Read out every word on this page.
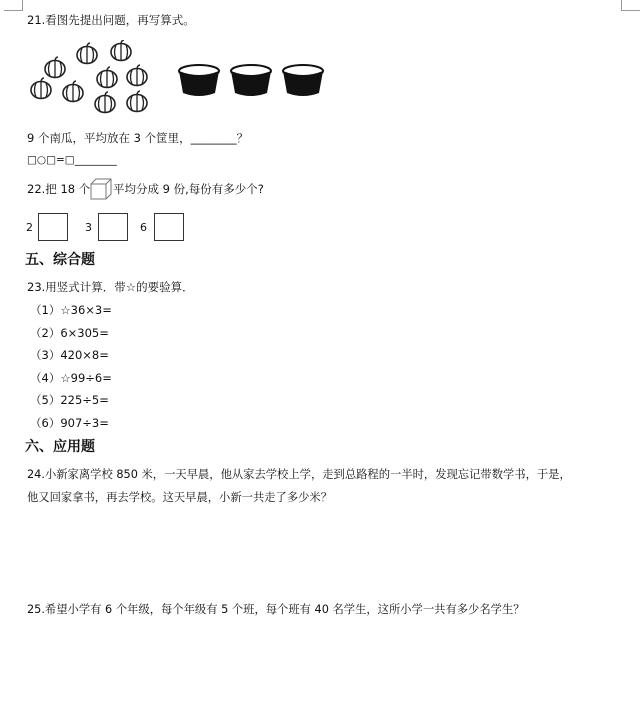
21.看图先提出问题，再写算式。
9 个南瓜，平均放在 3 个筐里，________？
□○□=□________
22.把 18 个 平均分成 9 份,每份有多少个?
2	3	6
五、综合题
23.用竖式计算．带☆的要验算．
（1）☆36×3=
（2）6×305=
（3）420×8=
（4）☆99÷6=
（5）225÷5=
（6）907÷3=
六、应用题
24.小新家离学校 850 米，一天早晨，他从家去学校上学，走到总路程的一半时，发现忘记带数学书，于是，
他又回家拿书，再去学校。这天早晨，小新一共走了多少米？
25.希望小学有 6 个年级，每个年级有 5 个班，每个班有 40 名学生，这所小学一共有多少名学生？
